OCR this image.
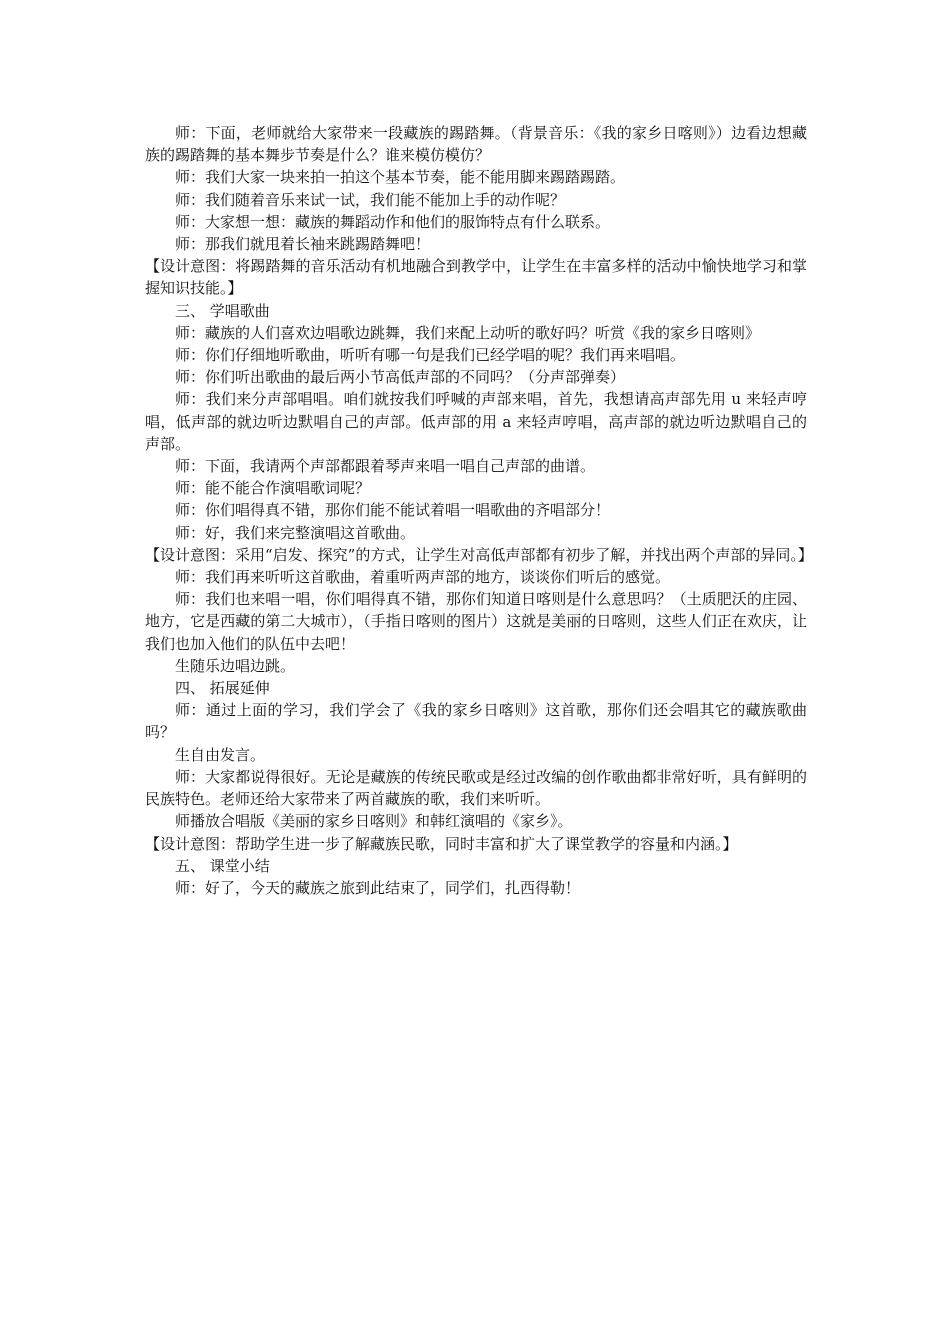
师：下面，老师就给大家带来一段藏族的踢踏舞。（背景音乐：《我的家乡日喀则》）边看边想藏族的踢踏舞的基本舞步节奏是什么？谁来模仿模仿？

师：我们大家一块来拍一拍这个基本节奏，能不能用脚来踢踏踢踏。

师：我们随着音乐来试一试，我们能不能加上手的动作呢？

师：大家想一想：藏族的舞蹈动作和他们的服饰特点有什么联系。

师：那我们就甩着长袖来跳踢踏舞吧！

【设计意图：将踢踏舞的音乐活动有机地融合到教学中，让学生在丰富多样的活动中愉快地学习和掌握知识技能。】

三、 学唱歌曲

师：藏族的人们喜欢边唱歌边跳舞，我们来配上动听的歌好吗？听赏《我的家乡日喀则》

师：你们仔细地听歌曲，听听有哪一句是我们已经学唱的呢？我们再来唱唱。

师：你们听出歌曲的最后两小节高低声部的不同吗？（分声部弹奏）

师：我们来分声部唱唱。咱们就按我们呼喊的声部来唱，首先，我想请高声部先用 u 来轻声哼唱，低声部的就边听边默唱自己的声部。低声部的用 a 来轻声哼唱，高声部的就边听边默唱自己的声部。

师：下面，我请两个声部都跟着琴声来唱一唱自己声部的曲谱。

师：能不能合作演唱歌词呢？

师：你们唱得真不错，那你们能不能试着唱一唱歌曲的齐唱部分！

师：好，我们来完整演唱这首歌曲。

【设计意图：采用“启发、探究”的方式，让学生对高低声部都有初步了解，并找出两个声部的异同。】

师：我们再来听听这首歌曲，着重听两声部的地方，谈谈你们听后的感觉。

师：我们也来唱一唱，你们唱得真不错，那你们知道日喀则是什么意思吗？（土质肥沃的庄园、地方，它是西藏的第二大城市），（手指日喀则的图片）这就是美丽的日喀则，这些人们正在欢庆，让我们也加入他们的队伍中去吧！

生随乐边唱边跳。

四、 拓展延伸

师：通过上面的学习，我们学会了《我的家乡日喀则》这首歌，那你们还会唱其它的藏族歌曲吗？

生自由发言。

师：大家都说得很好。无论是藏族的传统民歌或是经过改编的创作歌曲都非常好听，具有鲜明的民族特色。老师还给大家带来了两首藏族的歌，我们来听听。

师播放合唱版《美丽的家乡日喀则》和韩红演唱的《家乡》。

【设计意图：帮助学生进一步了解藏族民歌，同时丰富和扩大了课堂教学的容量和内涵。】

五、 课堂小结

师：好了，今天的藏族之旅到此结束了，同学们，扎西得勒！
